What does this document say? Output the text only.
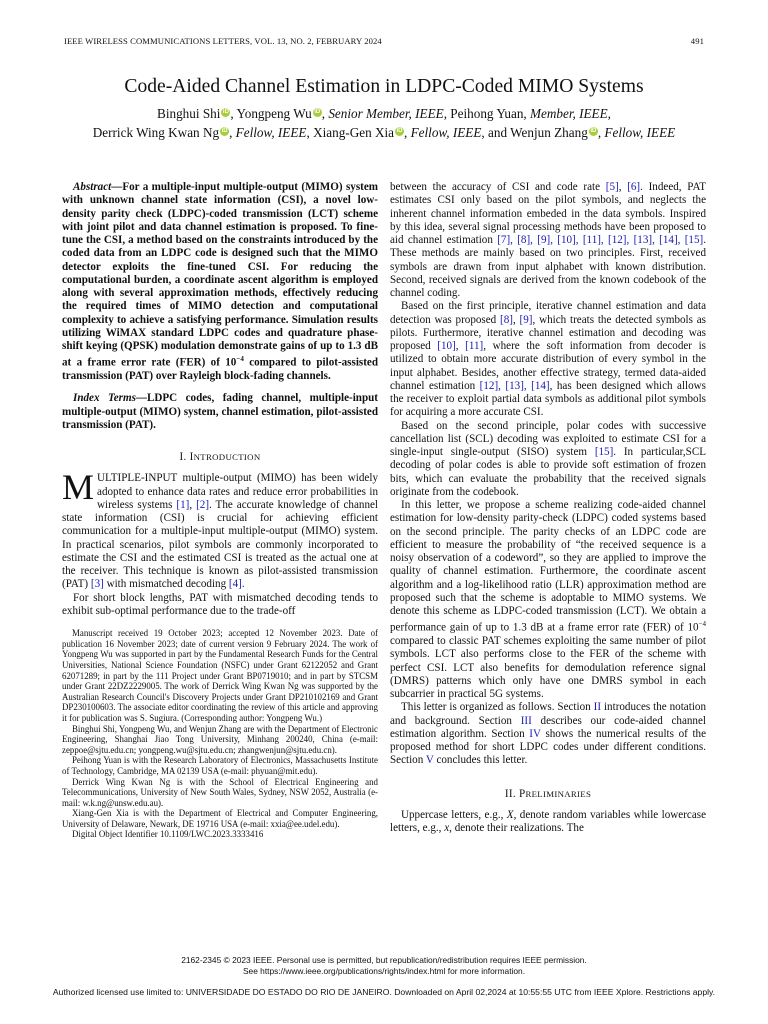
IEEE WIRELESS COMMUNICATIONS LETTERS, VOL. 13, NO. 2, FEBRUARY 2024	491
Code-Aided Channel Estimation in LDPC-Coded MIMO Systems
Binghui Shi iD , Yongpeng Wu iD , Senior Member, IEEE, Peihong Yuan, Member, IEEE,
Derrick Wing Kwan Ng iD , Fellow, IEEE, Xiang-Gen Xia iD , Fellow, IEEE, and Wenjun Zhang iD , Fellow, IEEE

Abstract—For a multiple-input multiple-output (MIMO) system with unknown channel state information (CSI), a novel low-density parity check (LDPC)-coded transmission (LCT) scheme with joint pilot and data channel estimation is proposed. To fine-tune the CSI, a method based on the constraints introduced by the coded data from an LDPC code is designed such that the MIMO detector exploits the fine-tuned CSI. For reducing the computational burden, a coordinate ascent algorithm is employed along with several approximation methods, effectively reducing the required times of MIMO detection and computational complexity to achieve a satisfying performance. Simulation results utilizing WiMAX standard LDPC codes and quadrature phase-shift keying (QPSK) modulation demonstrate gains of up to 1.3 dB at a frame error rate (FER) of $10^{-4}$ compared to pilot-assisted transmission (PAT) over Rayleigh block-fading channels.

Index Terms—LDPC codes, fading channel, multiple-input multiple-output (MIMO) system, channel estimation, pilot-assisted transmission (PAT).

I. INTRODUCTION

MULTIPLE-INPUT multiple-output (MIMO) has been widely adopted to enhance data rates and reduce error probabilities in wireless systems [1], [2]. The accurate knowledge of channel state information (CSI) is crucial for achieving efficient communication for a multiple-input multiple-output (MIMO) system. In practical scenarios, pilot symbols are commonly incorporated to estimate the CSI and the estimated CSI is treated as the actual one at the receiver. This technique is known as pilot-assisted transmission (PAT) [3] with mismatched decoding [4].

For short block lengths, PAT with mismatched decoding tends to exhibit sub-optimal performance due to the trade-off

Manuscript received 19 October 2023; accepted 12 November 2023. Date of publication 16 November 2023; date of current version 9 February 2024. The work of Yongpeng Wu was supported in part by the Fundamental Research Funds for the Central Universities, National Science Foundation (NSFC) under Grant 62122052 and Grant 62071289; in part by the 111 Project under Grant BP0719010; and in part by STCSM under Grant 22DZ2229005. The work of Derrick Wing Kwan Ng was supported by the Australian Research Council's Discovery Projects under Grant DP210102169 and Grant DP230100603. The associate editor coordinating the review of this article and approving it for publication was S. Sugiura. (Corresponding author: Yongpeng Wu.)

Binghui Shi, Yongpeng Wu, and Wenjun Zhang are with the Department of Electronic Engineering, Shanghai Jiao Tong University, Minhang 200240, China (e-mail: zeppoe@sjtu.edu.cn; yongpeng.wu@sjtu.edu.cn; zhangwenjun@sjtu.edu.cn).

Peihong Yuan is with the Research Laboratory of Electronics, Massachusetts Institute of Technology, Cambridge, MA 02139 USA (e-mail: phyuan@mit.edu).

Derrick Wing Kwan Ng is with the School of Electrical Engineering and Telecommunications, University of New South Wales, Sydney, NSW 2052, Australia (e-mail: w.k.ng@unsw.edu.au).

Xiang-Gen Xia is with the Department of Electrical and Computer Engineering, University of Delaware, Newark, DE 19716 USA (e-mail: xxia@ee.udel.edu).

Digital Object Identifier 10.1109/LWC.2023.3333416

between the accuracy of CSI and code rate [5], [6]. Indeed, PAT estimates CSI only based on the pilot symbols, and neglects the inherent channel information embeded in the data symbols. Inspired by this idea, several signal processing methods have been proposed to aid channel estimation [7], [8], [9], [10], [11], [12], [13], [14], [15]. These methods are mainly based on two principles. First, received symbols are drawn from input alphabet with known distribution. Second, received signals are derived from the known codebook of the channel coding.

Based on the first principle, iterative channel estimation and data detection was proposed [8], [9], which treats the detected symbols as pilots. Furthermore, iterative channel estimation and decoding was proposed [10], [11], where the soft information from decoder is utilized to obtain more accurate distribution of every symbol in the input alphabet. Besides, another effective strategy, termed data-aided channel estimation [12], [13], [14], has been designed which allows the receiver to exploit partial data symbols as additional pilot symbols for acquiring a more accurate CSI.

Based on the second principle, polar codes with successive cancellation list (SCL) decoding was exploited to estimate CSI for a single-input single-output (SISO) system [15]. In particular,SCL decoding of polar codes is able to provide soft estimation of frozen bits, which can evaluate the probability that the received signals originate from the codebook.

In this letter, we propose a scheme realizing code-aided channel estimation for low-density parity-check (LDPC) coded systems based on the second principle. The parity checks of an LDPC code are efficient to measure the probability of “the received sequence is a noisy observation of a codeword”, so they are applied to improve the quality of channel estimation. Furthermore, the coordinate ascent algorithm and a log-likelihood ratio (LLR) approximation method are proposed such that the scheme is adoptable to MIMO systems. We denote this scheme as LDPC-coded transmission (LCT). We obtain a performance gain of up to 1.3 dB at a frame error rate (FER) of $10^{-4}$ compared to classic PAT schemes exploiting the same number of pilot symbols. LCT also performs close to the FER of the scheme with perfect CSI. LCT also benefits for demodulation reference signal (DMRS) patterns which only have one DMRS symbol in each subcarrier in practical 5G systems.

This letter is organized as follows. Section II introduces the notation and background. Section III describes our code-aided channel estimation algorithm. Section IV shows the numerical results of the proposed method for short LDPC codes under different conditions. Section V concludes this letter.

II. PRELIMINARIES

Uppercase letters, e.g., X, denote random variables while lowercase letters, e.g., x, denote their realizations. The

2162-2345 © 2023 IEEE. Personal use is permitted, but republication/redistribution requires IEEE permission.
See https://www.ieee.org/publications/rights/index.html for more information.
Authorized licensed use limited to: UNIVERSIDADE DO ESTADO DO RIO DE JANEIRO. Downloaded on April 02,2024 at 10:55:55 UTC from IEEE Xplore. Restrictions apply.
